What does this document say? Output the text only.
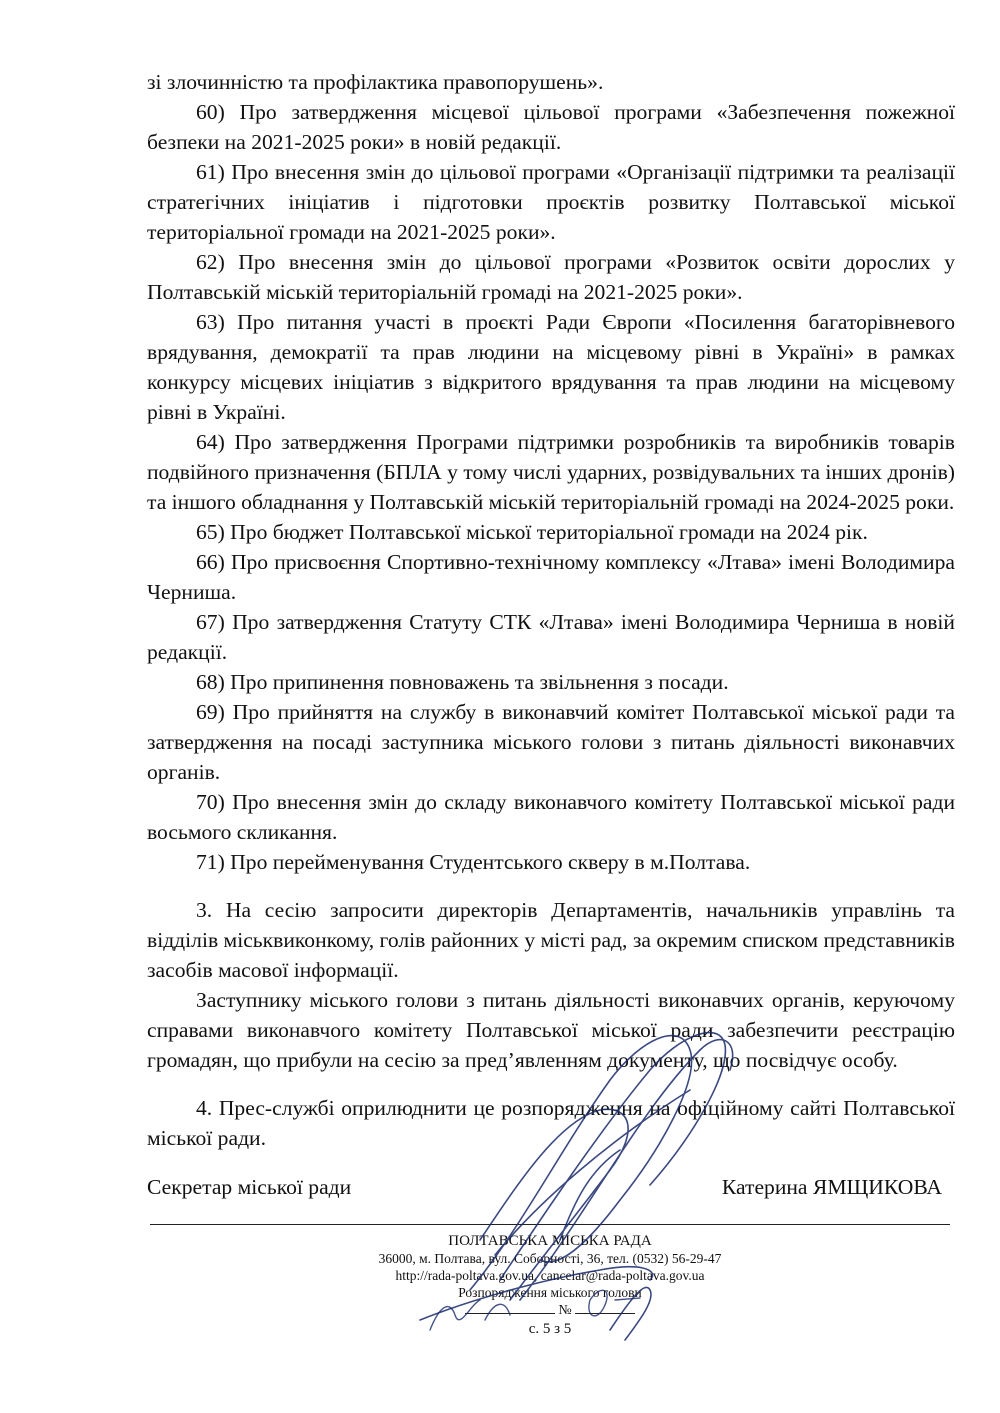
зі злочинністю та профілактика правопорушень».

60) Про затвердження місцевої цільової програми «Забезпечення пожежної безпеки на 2021-2025 роки» в новій редакції.

61) Про внесення змін до цільової програми «Організації підтримки та реалізації стратегічних ініціатив і підготовки проєктів розвитку Полтавської міської територіальної громади на 2021-2025 роки».

62) Про внесення змін до цільової програми «Розвиток освіти дорослих у Полтавській міській територіальній громаді на 2021-2025 роки».

63) Про питання участі в проєкті Ради Європи «Посилення багаторівневого врядування, демократії та прав людини на місцевому рівні в Україні» в рамках конкурсу місцевих ініціатив з відкритого врядування та прав людини на місцевому рівні в Україні.

64) Про затвердження Програми підтримки розробників та виробників товарів подвійного призначення (БПЛА у тому числі ударних, розвідувальних та інших дронів) та іншого обладнання у Полтавській міській територіальній громаді на 2024-2025 роки.

65) Про бюджет Полтавської міської територіальної громади на 2024 рік.

66) Про присвоєння Спортивно-технічному комплексу «Лтава» імені Володимира Черниша.

67) Про затвердження Статуту СТК «Лтава» імені Володимира Черниша в новій редакції.

68) Про припинення повноважень та звільнення з посади.

69) Про прийняття на службу в виконавчий комітет Полтавської міської ради та затвердження на посаді заступника міського голови з питань діяльності виконавчих органів.

70) Про внесення змін до складу виконавчого комітету Полтавської міської ради восьмого скликання.

71) Про перейменування Студентського скверу в м.Полтава.

3. На сесію запросити директорів Департаментів, начальників управлінь та відділів міськвиконкому, голів районних у місті рад, за окремим списком представників засобів масової інформації.

Заступнику міського голови з питань діяльності виконавчих органів, керуючому справами виконавчого комітету Полтавської міської ради забезпечити реєстрацію громадян, що прибули на сесію за пред’явленням документу, що посвідчує особу.

4. Прес-службі оприлюднити це розпорядження на офіційному сайті Полтавської міської ради.

Секретар міської ради	Катерина ЯМЩИКОВА
ПОЛТАВСЬКА МІСЬКА РАДА
36000, м. Полтава, вул. Соборності, 36, тел. (0532) 56-29-47
http://rada-poltava.gov.ua, cancelar@rada-poltava.gov.ua
Розпорядження міського голови
№
с. 5 з 5
